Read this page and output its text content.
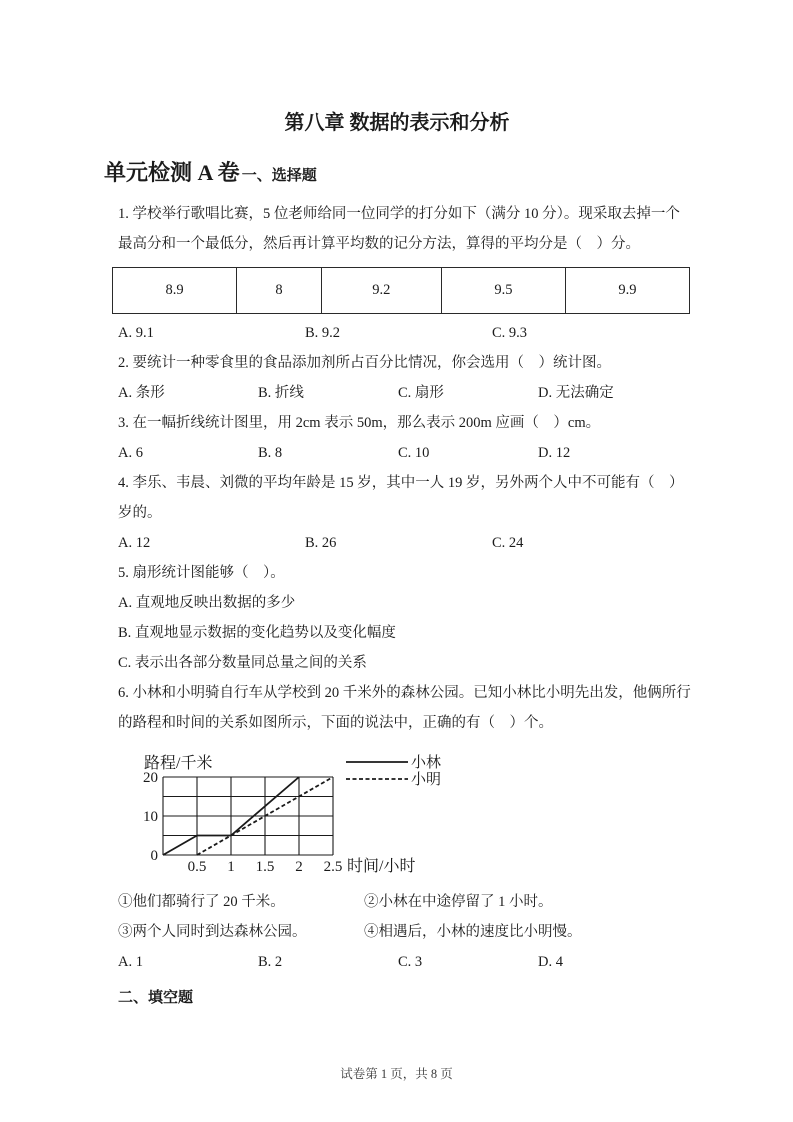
第八章 数据的表示和分析
单元检测 A 卷 一、选择题

1. 学校举行歌唱比赛，5 位老师给同一位同学的打分如下（满分 10 分）。现采取去掉一个

最高分和一个最低分，然后再计算平均数的记分方法，算得的平均分是（　）分。

8.9	8	9.2	9.5	9.9
A. 9.1	B. 9.2	C. 9.3

2. 要统计一种零食里的食品添加剂所占百分比情况，你会选用（　）统计图。

A. 条形	B. 折线	C. 扇形	D. 无法确定

3. 在一幅折线统计图里，用 2cm 表示 50m，那么表示 200m 应画（　）cm。

A. 6	B. 8	C. 10	D. 12

4. 李乐、韦晨、刘微的平均年龄是 15 岁，其中一人 19 岁，另外两个人中不可能有（　）

岁的。

A. 12	B. 26	C. 24

5. 扇形统计图能够（　）。

A. 直观地反映出数据的多少

B. 直观地显示数据的变化趋势以及变化幅度

C. 表示出各部分数量同总量之间的关系

6. 小林和小明骑自行车从学校到 20 千米外的森林公园。已知小林比小明先出发，他俩所行

的路程和时间的关系如图所示，下面的说法中，正确的有（　）个。

0
10
20
0.5 1 1.5 2 2.5
路程/千米
时间/小时
小林
小明
①他们都骑行了 20 千米。	②小林在中途停留了 1 小时。
③两个人同时到达森林公园。	④相遇后，小林的速度比小明慢。
A. 1	B. 2	C. 3	D. 4
二、填空题
试卷第 1 页，共 8 页
